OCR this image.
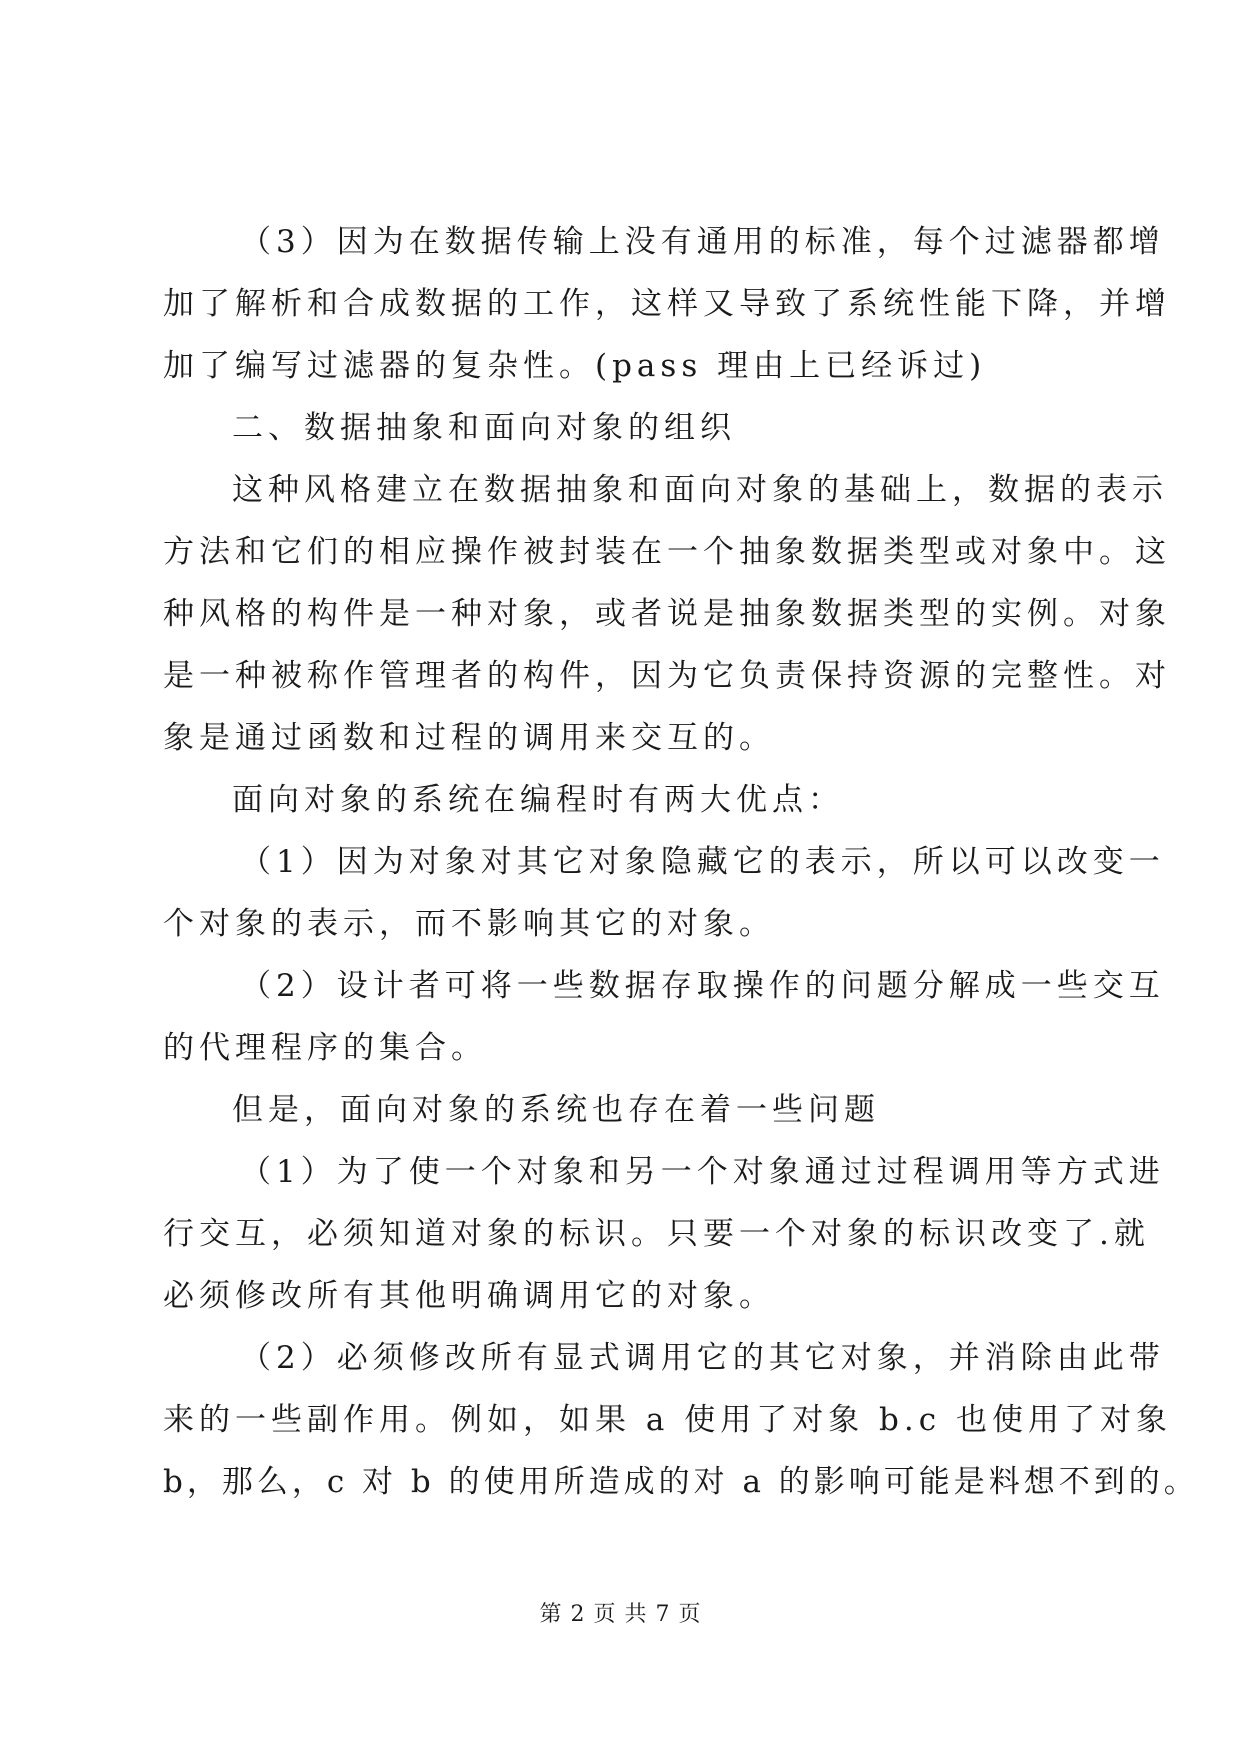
（3）因为在数据传输上没有通用的标准，每个过滤器都增
加了解析和合成数据的工作，这样又导致了系统性能下降，并增
加了编写过滤器的复杂性。(pass 理由上已经诉过)
二、数据抽象和面向对象的组织
这种风格建立在数据抽象和面向对象的基础上，数据的表示
方法和它们的相应操作被封装在一个抽象数据类型或对象中。这
种风格的构件是一种对象，或者说是抽象数据类型的实例。对象
是一种被称作管理者的构件，因为它负责保持资源的完整性。对
象是通过函数和过程的调用来交互的。
面向对象的系统在编程时有两大优点：
（1）因为对象对其它对象隐藏它的表示，所以可以改变一
个对象的表示，而不影响其它的对象。
（2）设计者可将一些数据存取操作的问题分解成一些交互
的代理程序的集合。
但是，面向对象的系统也存在着一些问题
（1）为了使一个对象和另一个对象通过过程调用等方式进
行交互，必须知道对象的标识。只要一个对象的标识改变了.就
必须修改所有其他明确调用它的对象。
（2）必须修改所有显式调用它的其它对象，并消除由此带
来的一些副作用。例如，如果 a 使用了对象 b.c 也使用了对象
b，那么，c 对 b 的使用所造成的对 a 的影响可能是料想不到的。
第 2 页 共 7 页
